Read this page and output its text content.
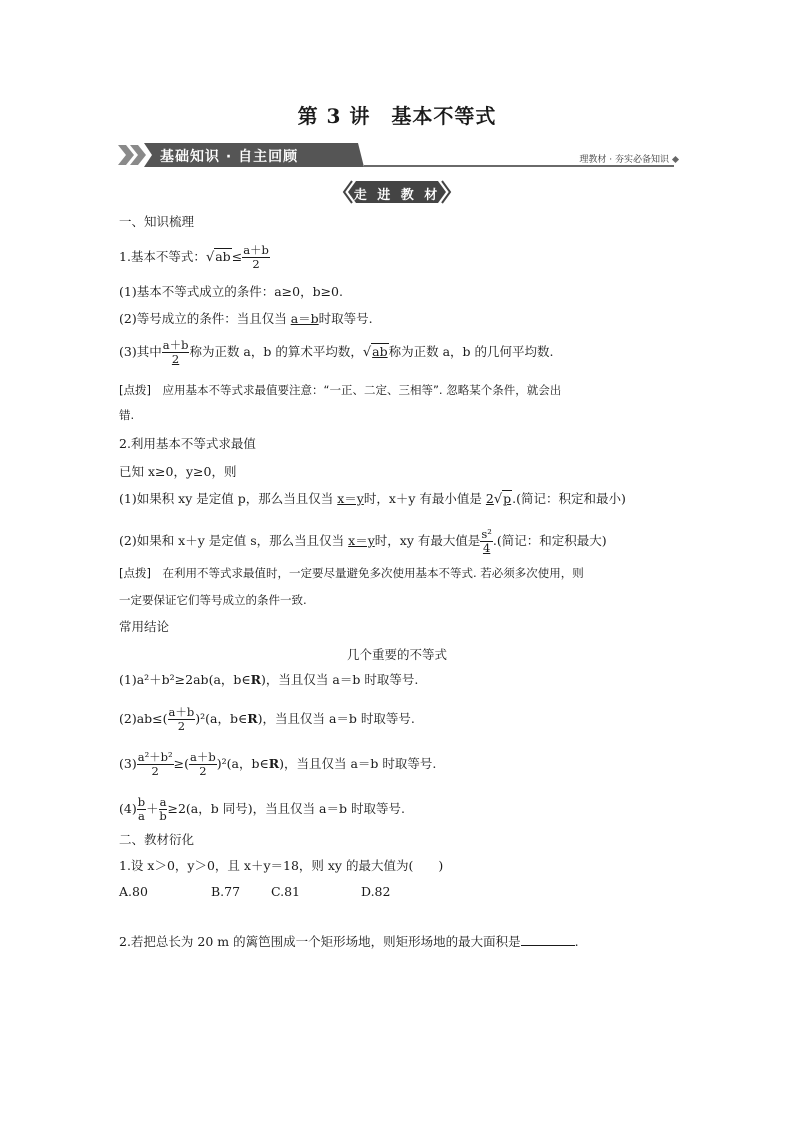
第 3 讲　基本不等式
基础知识 · 自主回顾	理教材 · 夯实必备知识
走 进 教 材
一、知识梳理
1.基本不等式：$√ab\le \frac{a+b}{2}$
(1)基本不等式成立的条件：a≥0，b≥0.
(2)等号成立的条件：当且仅当 a＝b时取等号.
(3)其中 $\frac{a+b}{2}$ 称为正数 a，b 的算术平均数，√ab称为正数 a，b 的几何平均数.
[点拨]　 应用基本不等式求最值要注意：“一正、二定、三相等”. 忽略某个条件，就会出
错.
2.利用基本不等式求最值
已知 x≥0，y≥0，则
(1)如果积 xy 是定值 p，那么当且仅当 x＝y时，x＋y 有最小值是 2√p.(简记：积定和最小)
(2)如果和 x＋y 是定值 s，那么当且仅当 x＝y时，xy 有最大值是 $\frac{\text{s²}}{4}$ .(简记：和定积最大)
[点拨]　 在利用不等式求最值时，一定要尽量避免多次使用基本不等式. 若必须多次使用，则
一定要保证它们等号成立的条件一致.
常用结论
几个重要的不等式
(1)a²＋b²≥2ab(a，b∈R)，当且仅当 a＝b 时取等号.
$(2)ab\le( \frac{a+b}{2} )^2(a$，b∈R)，当且仅当 a＝b 时取等号.
$(3) \frac{\text{a²＋b²}}{2}$ ≥( $\frac{a+b}{2} )^2(a$，b∈R)，当且仅当 a＝b 时取等号.
$(4) \frac{b}{a} + \frac{a}{b} \ge 2(a$，b 同号)，当且仅当 a＝b 时取等号.
二、教材衍化
1.设 x＞0，y＞0，且 x＋y＝18，则 xy 的最大值为(　　)
A.80	B.77 C.81	D.82
2.若把总长为 20 m 的篱笆围成一个矩形场地，则矩形场地的最大面积是	.
